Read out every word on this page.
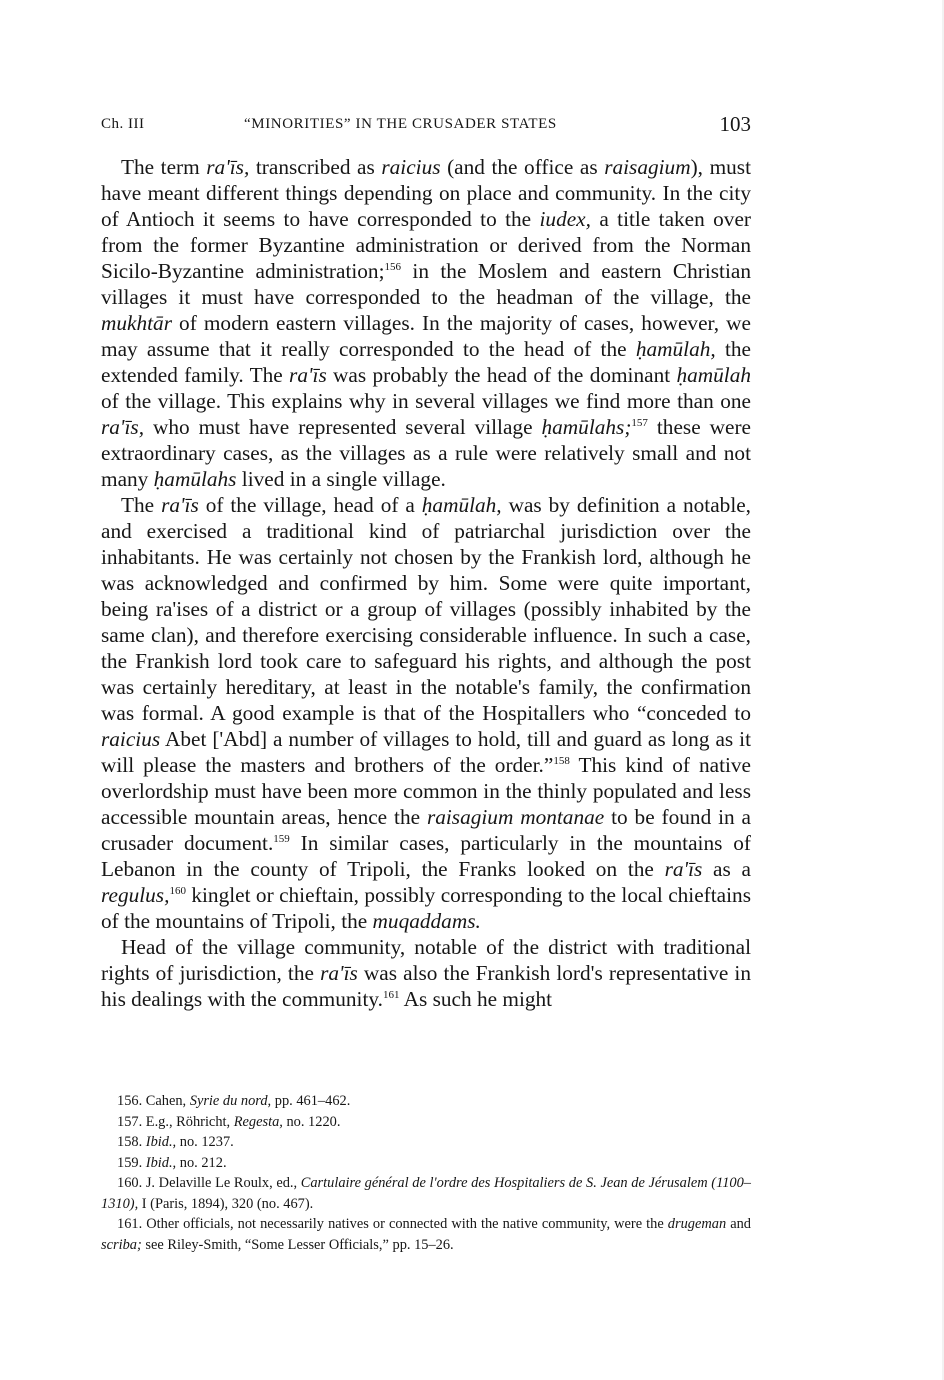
Ch. III	“MINORITIES” IN THE CRUSADER STATES	103

The term ra'īs, transcribed as raicius (and the office as raisagium), must have meant different things depending on place and community. In the city of Antioch it seems to have corresponded to the iudex, a title taken over from the former Byzantine administration or derived from the Norman Sicilo-Byzantine administration;$^{156}$ in the Moslem and eastern Christian villages it must have corresponded to the headman of the village, the mukhtār of modern eastern villages. In the majority of cases, however, we may assume that it really corresponded to the head of the ḥamūlah, the extended family. The ra'īs was probably the head of the dominant ḥamūlah of the village. This explains why in several villages we find more than one ra'īs, who must have represented several village ḥamūlahs;$^{157}$ these were extraordinary cases, as the villages as a rule were relatively small and not many ḥamūlahs lived in a single village.

The ra'īs of the village, head of a ḥamūlah, was by definition a notable, and exercised a traditional kind of patriarchal jurisdiction over the inhabitants. He was certainly not chosen by the Frankish lord, although he was acknowledged and confirmed by him. Some were quite important, being ra'ises of a district or a group of villages (possibly inhabited by the same clan), and therefore exercising considerable influence. In such a case, the Frankish lord took care to safeguard his rights, and although the post was certainly hereditary, at least in the notable's family, the confirmation was formal. A good example is that of the Hospitallers who “conceded to raicius Abet ['Abd] a number of villages to hold, till and guard as long as it will please the masters and brothers of the order.”$^{158}$ This kind of native overlordship must have been more common in the thinly populated and less accessible mountain areas, hence the raisagium montanae to be found in a crusader document.$^{159}$ In similar cases, particularly in the mountains of Lebanon in the county of Tripoli, the Franks looked on the ra'īs as a regulus,$^{160}$ kinglet or chieftain, possibly corresponding to the local chieftains of the mountains of Tripoli, the muqaddams.

Head of the village community, notable of the district with traditional rights of jurisdiction, the ra'īs was also the Frankish lord's representative in his dealings with the community.$^{161}$ As such he might

156. Cahen, Syrie du nord, pp. 461–462.

157. E.g., Röhricht, Regesta, no. 1220.

158. Ibid., no. 1237.

159. Ibid., no. 212.

160. J. Delaville Le Roulx, ed., Cartulaire général de l'ordre des Hospitaliers de S. Jean de Jérusalem (1100–1310), I (Paris, 1894), 320 (no. 467).

161. Other officials, not necessarily natives or connected with the native community, were the drugeman and scriba; see Riley-Smith, “Some Lesser Officials,” pp. 15–26.
